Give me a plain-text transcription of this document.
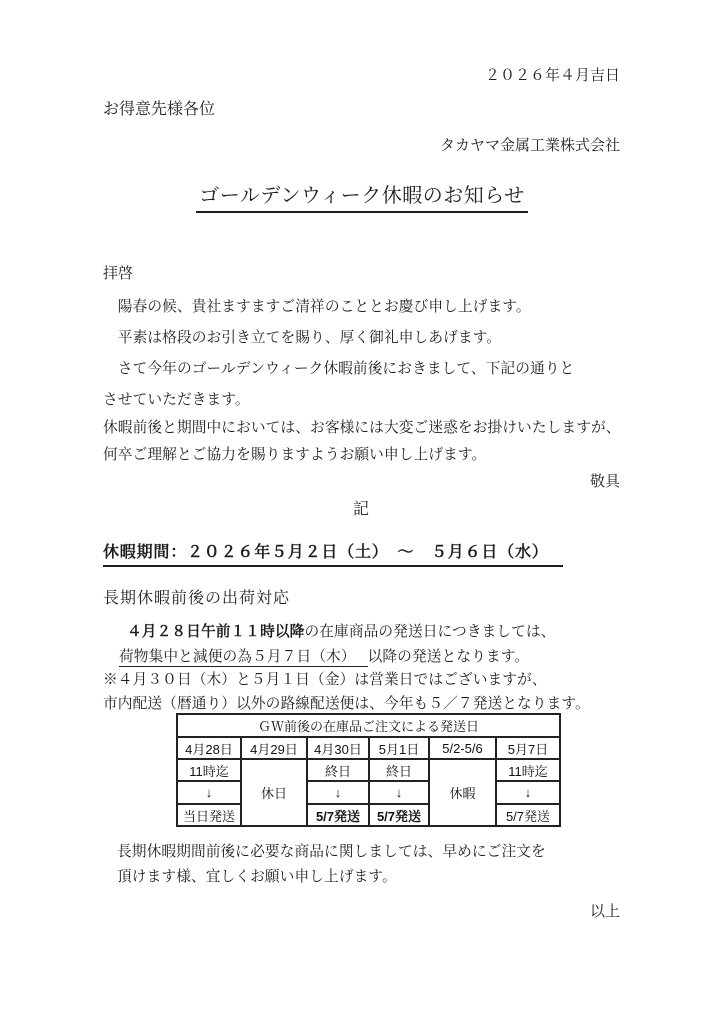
２０２６年４月吉日
お得意先様各位
タカヤマ金属工業株式会社
ゴールデンウィーク休暇のお知らせ
拝啓
　陽春の候、貴社ますますご清祥のこととお慶び申し上げます。
　平素は格段のお引き立てを賜り、厚く御礼申しあげます。
　さて今年のゴールデンウィーク休暇前後におきまして、下記の通りと
させていただきます。
休暇前後と期間中においては、お客様には大変ご迷惑をお掛けいたしますが、
何卒ご理解とご協力を賜りますようお願い申し上げます。
敬具
記
休暇期間：２０２６年５月２日（土）　～　５月６日（水）
長期休暇前後の出荷対応
４月２８日午前１１時以降の在庫商品の発送日につきましては、
荷物集中と減便の為５月７日（木） 以降の発送となります。
※４月３０日（木）と５月１日（金）は営業日ではございますが、
市内配送（暦通り）以外の路線配送便は、今年も５／７発送となります。
ＧＷ前後の在庫品ご注文による発送日					
4月28日	4月29日	4月30日	5月1日	5/2-5/6	5月7日
11時迄	休日	終日	終日	休暇	11時迄
↓		↓	↓		↓
当日発送		5/7発送	5/7発送		5/7発送
長期休暇期間前後に必要な商品に関しましては、早めにご注文を
頂けます様、宜しくお願い申し上げます。
以上
